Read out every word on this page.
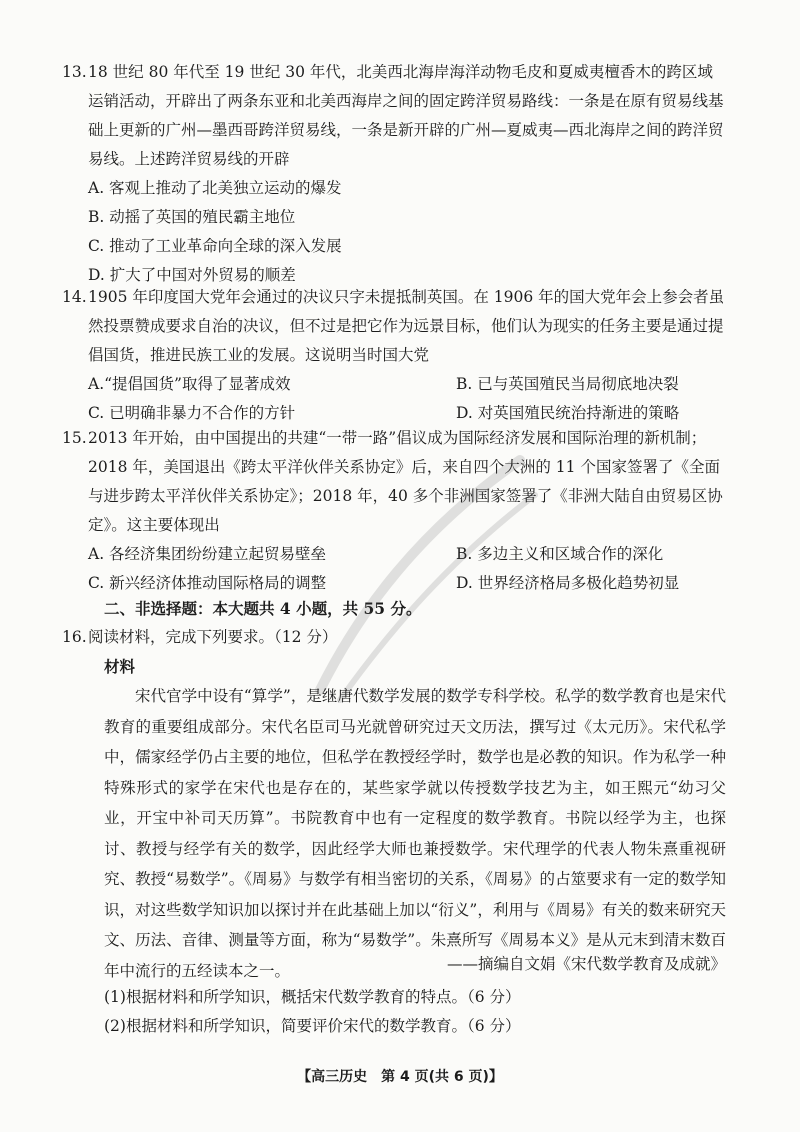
13.18 世纪 80 年代至 19 世纪 30 年代，北美西北海岸海洋动物毛皮和夏威夷檀香木的跨区域运销活动，开辟出了两条东亚和北美西海岸之间的固定跨洋贸易路线：一条是在原有贸易线基础上更新的广州—墨西哥跨洋贸易线，一条是新开辟的广州—夏威夷—西北海岸之间的跨洋贸易线。上述跨洋贸易线的开辟
A. 客观上推动了北美独立运动的爆发
B. 动摇了英国的殖民霸主地位
C. 推动了工业革命向全球的深入发展
D. 扩大了中国对外贸易的顺差
14.1905 年印度国大党年会通过的决议只字未提抵制英国。在 1906 年的国大党年会上参会者虽然投票赞成要求自治的决议，但不过是把它作为远景目标，他们认为现实的任务主要是通过提倡国货，推进民族工业的发展。这说明当时国大党
A.“提倡国货”取得了显著成效	B. 已与英国殖民当局彻底地决裂
C. 已明确非暴力不合作的方针	D. 对英国殖民统治持渐进的策略
15.2013 年开始，由中国提出的共建“一带一路”倡议成为国际经济发展和国际治理的新机制；2018 年，美国退出《跨太平洋伙伴关系协定》后，来自四个大洲的 11 个国家签署了《全面与进步跨太平洋伙伴关系协定》；2018 年，40 多个非洲国家签署了《非洲大陆自由贸易区协定》。这主要体现出
A. 各经济集团纷纷建立起贸易壁垒	B. 多边主义和区域合作的深化
C. 新兴经济体推动国际格局的调整	D. 世界经济格局多极化趋势初显
二、非选择题：本大题共 4 小题，共 55 分。
16.阅读材料，完成下列要求。（12 分）
材料
宋代官学中设有“算学”，是继唐代数学发展的数学专科学校。私学的数学教育也是宋代教育的重要组成部分。宋代名臣司马光就曾研究过天文历法，撰写过《太元历》。宋代私学中，儒家经学仍占主要的地位，但私学在教授经学时，数学也是必教的知识。作为私学一种特殊形式的家学在宋代也是存在的，某些家学就以传授数学技艺为主，如王熙元“幼习父业，开宝中补司天历算”。书院教育中也有一定程度的数学教育。书院以经学为主，也探讨、教授与经学有关的数学，因此经学大师也兼授数学。宋代理学的代表人物朱熹重视研究、教授“易数学”。《周易》与数学有相当密切的关系，《周易》的占筮要求有一定的数学知识，对这些数学知识加以探讨并在此基础上加以“衍义”，利用与《周易》有关的数来研究天文、历法、音律、测量等方面，称为“易数学”。朱熹所写《周易本义》是从元末到清末数百年中流行的五经读本之一。	——摘编自文娟《宋代数学教育及成就》
(1)根据材料和所学知识，概括宋代数学教育的特点。（6 分）
(2)根据材料和所学知识，简要评价宋代的数学教育。（6 分）
【高三历史　第 4 页(共 6 页)】
